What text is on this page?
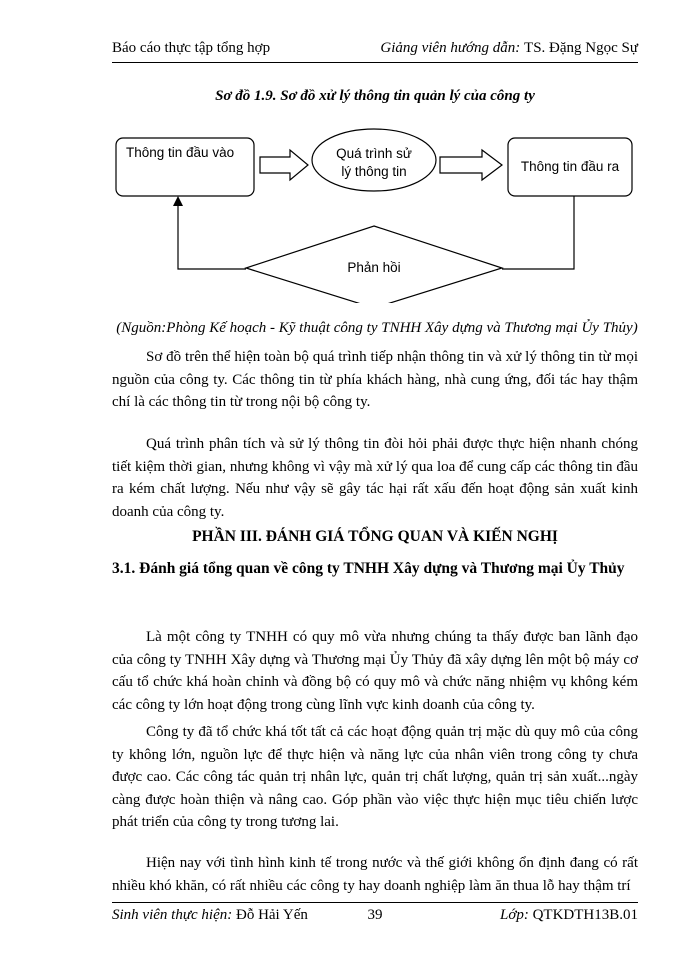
Báo cáo thực tập tổng hợp	Giảng viên hướng dẫn: TS. Đặng Ngọc Sự
Sơ đồ 1.9. Sơ đồ xử lý thông tin quản lý của công ty
Thông tin đầu vào	Quá trình sử
lý thông tin	Thông tin đầu ra
Phản hồi
(Nguồn:Phòng Kế hoạch - Kỹ thuật công ty TNHH Xây dựng và Thương mại Ủy Thủy)

Sơ đồ trên thể hiện toàn bộ quá trình tiếp nhận thông tin và xử lý thông tin từ mọi nguồn của công ty. Các thông tin từ phía khách hàng, nhà cung ứng, đối tác hay thậm chí là các thông tin từ trong nội bộ công ty.

Quá trình phân tích và sử lý thông tin đòi hỏi phải được thực hiện nhanh chóng tiết kiệm thời gian, nhưng không vì vậy mà xử lý qua loa để cung cấp các thông tin đầu ra kém chất lượng. Nếu như vậy sẽ gây tác hại rất xấu đến hoạt động sản xuất kinh doanh của công ty.

PHẦN III. ĐÁNH GIÁ TỔNG QUAN VÀ KIẾN NGHỊ
3.1. Đánh giá tổng quan về công ty TNHH Xây dựng và Thương mại Ủy Thủy

Là một công ty TNHH có quy mô vừa nhưng chúng ta thấy được ban lãnh đạo của công ty TNHH Xây dựng và Thương mại Ủy Thủy đã xây dựng lên một bộ máy cơ cấu tổ chức khá hoàn chỉnh và đồng bộ có quy mô và chức năng nhiệm vụ không kém các công ty lớn hoạt động trong cùng lĩnh vực kinh doanh của công ty.

Công ty đã tổ chức khá tốt tất cả các hoạt động quản trị mặc dù quy mô của công ty không lớn, nguồn lực để thực hiện và năng lực của nhân viên trong công ty chưa được cao. Các công tác quản trị nhân lực, quản trị chất lượng, quản trị sản xuất...ngày càng được hoàn thiện và nâng cao. Góp phần vào việc thực hiện mục tiêu chiến lược phát triển của công ty trong tương lai.

Hiện nay với tình hình kinh tế trong nước và thế giới không ổn định đang có rất nhiều khó khăn, có rất nhiều các công ty hay doanh nghiệp làm ăn thua lỗ hay thậm trí

Sinh viên thực hiện: Đỗ Hải Yến	39	Lớp: QTKDTH13B.01
